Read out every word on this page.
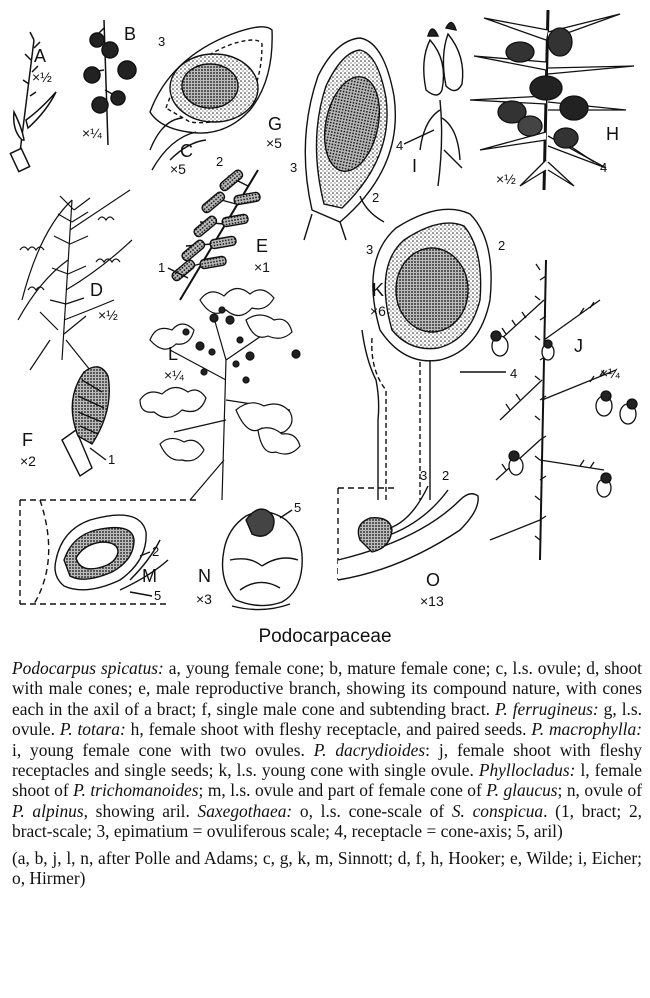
A
×½
B
×¼
3
2
C
×5
G
×5
3
2
4
I
H
4
×½
D
×½
1
E
×1
3	2
K
×6
4
J
×¼
L
×¼
1
F
×2
2
M
5
5
N
×3
3 2
O
×13
Podocarpaceae

Podocarpus spicatus: a, young female cone; b, mature female cone; c, l.s. ovule; d, shoot with male cones; e, male reproductive branch, showing its compound nature, with cones each in the axil of a bract; f, single male cone and subtending bract. P. ferrugineus: g, l.s. ovule. P. totara: h, female shoot with fleshy receptacle, and paired seeds. P. macrophylla: i, young female cone with two ovules. P. dacrydioides: j, female shoot with fleshy receptacles and single seeds; k, l.s. young cone with single ovule. Phyllocladus: l, female shoot of P. trichomanoides; m, l.s. ovule and part of female cone of P. glaucus; n, ovule of P. alpinus, showing aril. Saxegothaea: o, l.s. cone-scale of S. conspicua. (1, bract; 2, bract-scale; 3, epimatium = ovuliferous scale; 4, receptacle = cone-axis; 5, aril)

(a, b, j, l, n, after Polle and Adams; c, g, k, m, Sinnott; d, f, h, Hooker; e, Wilde; i, Eicher; o, Hirmer)
